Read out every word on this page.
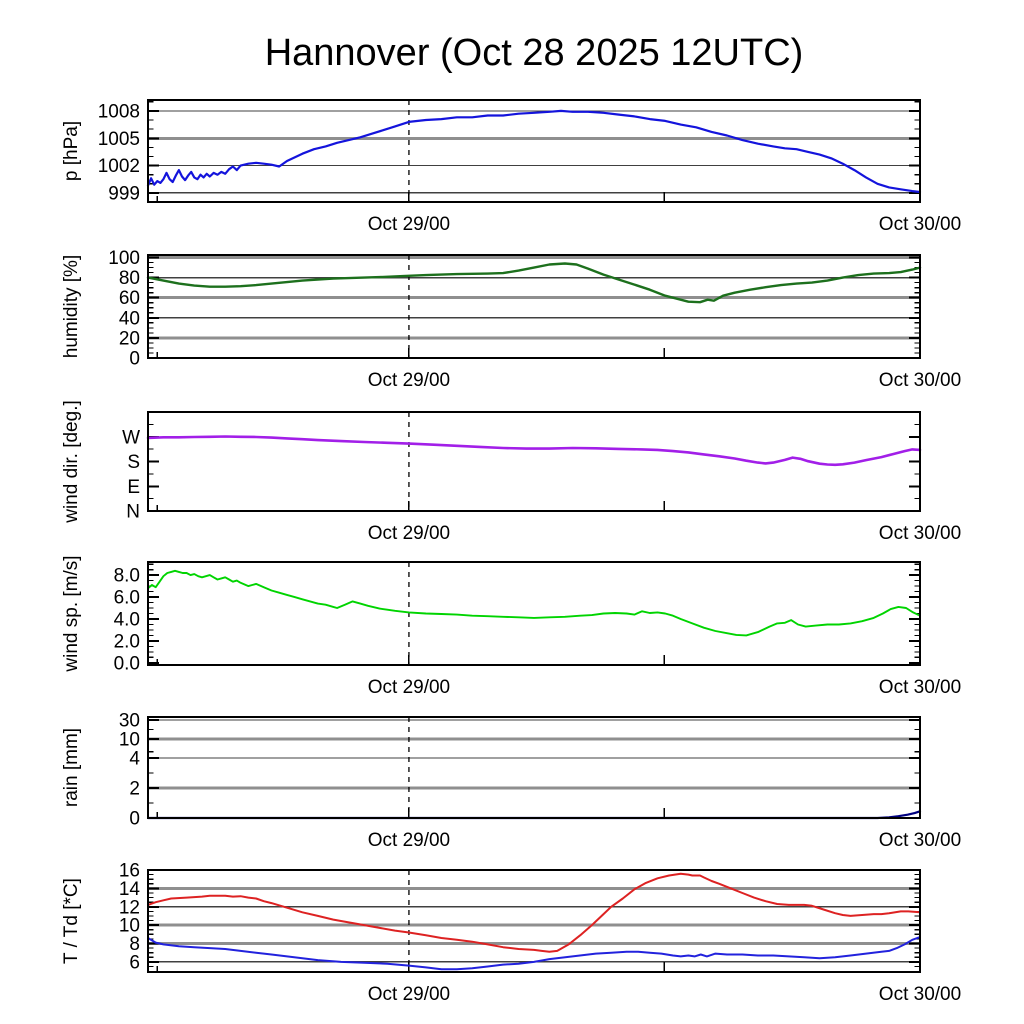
Hannover (Oct 28 2025 12UTC)
999
1002
1005
1008
Oct 29/00	Oct 30/00
p [hPa]
0
20
40
60
80
100
Oct 29/00	Oct 30/00
humidity [%]
N
E
S
W
Oct 29/00	Oct 30/00
wind dir. [deg.]
0.0
2.0
4.0
6.0
8.0
Oct 29/00	Oct 30/00
wind sp. [m/s]
0
2
4
10
30
Oct 29/00	Oct 30/00
rain [mm]
6
8
10
12
14
16
Oct 29/00	Oct 30/00
T / Td [*C]
